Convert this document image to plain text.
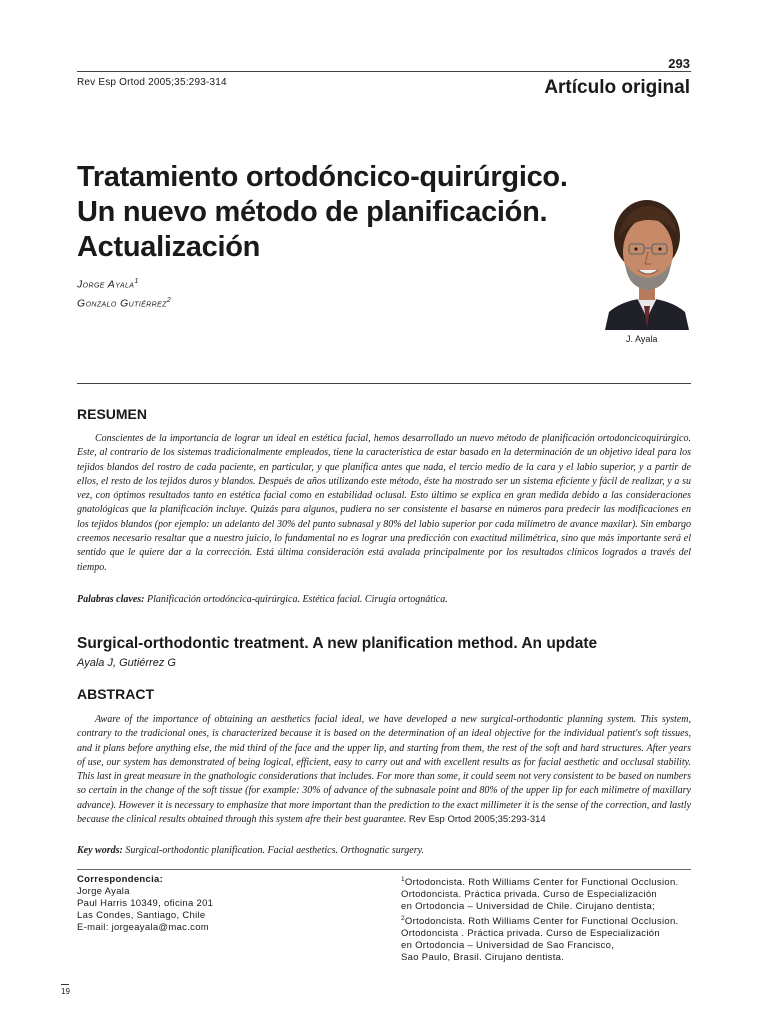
293
Rev Esp Ortod 2005;35:293-314	Artículo original
Tratamiento ortodóncico-quirúrgico.
Un nuevo método de planificación.
Actualización
Jorge Ayala$^1$
Gonzalo Gutiérrez$^2$
J. Ayala
RESUMEN
Conscientes de la importancia de lograr un ideal en estética facial, hemos desarrollado un nuevo método de planificación ortodoncicoquirúrgico. Este, al contrario de los sistemas tradicionalmente empleados, tiene la característica de estar basado en la determinación de un objetivo ideal para los tejidos blandos del rostro de cada paciente, en particular, y que planifica antes que nada, el tercio medio de la cara y el labio superior, y a partir de ellos, el resto de los tejidos duros y blandos. Después de años utilizando este método, éste ha mostrado ser un sistema eficiente y fácil de realizar, y a su vez, con óptimos resultados tanto en estética facial como en estabilidad oclusal. Esto último se explica en gran medida debido a las consideraciones gnatológicas que la planificación incluye. Quizás para algunos, pudiera no ser consistente el basarse en números para predecir las modificaciones en los tejidos blandos (por ejemplo: un adelanto del 30% del punto subnasal y 80% del labio superior por cada milímetro de avance maxilar). Sin embargo creemos necesario resaltar que a nuestro juicio, lo fundamental no es lograr una predicción con exactitud milimétrica, sino que más importante será el sentido que le quiere dar a la corrección. Está última consideración está avalada principalmente por los resultados clínicos logrados a través del tiempo.
Palabras claves: Planificación ortodóncica-quirúrgica. Estética facial. Cirugía ortognática.
Surgical-orthodontic treatment. A new planification method. An update
Ayala J, Gutiérrez G
ABSTRACT
Aware of the importance of obtaining an aesthetics facial ideal, we have developed a new surgical-orthodontic planning system. This system, contrary to the tradicional ones, is characterized because it is based on the determination of an ideal objective for the individual patient's soft tissues, and it plans before anything else, the mid third of the face and the upper lip, and starting from them, the rest of the soft and hard structures. After years of use, our system has demonstrated of being logical, efficient, easy to carry out and with excellent results as for facial aesthetic and occlusal stability. This last in great measure in the gnathologic considerations that includes. For more than some, it could seem not very consistent to be based on numbers so certain in the change of the soft tissue (for example: 30% of advance of the subnasale point and 80% of the upper lip for each milimetre of maxillary advance). However it is necessary to emphasize that more important than the prediction to the exact millimeter it is the sense of the correction, and lastly because the clinical results obtained through this system afre their best guarantee. Rev Esp Ortod 2005;35:293-314
Key words: Surgical-orthodontic planification. Facial aesthetics. Orthognatic surgery.
Correspondencia:
Jorge Ayala
Paul Harris 10349, oficina 201
Las Condes, Santiago, Chile
E-mail: jorgeayala@mac.com
$^1$Ortodoncista. Roth Williams Center for Functional Occlusion.
Ortodoncista. Práctica privada. Curso de Especialización
en Ortodoncia – Universidad de Chile. Cirujano dentista;
$^2$Ortodoncista. Roth Williams Center for Functional Occlusion.
Ortodoncista . Práctica privada. Curso de Especialización
en Ortodoncia – Universidad de Sao Francisco,
Sao Paulo, Brasil. Cirujano dentista.
19
